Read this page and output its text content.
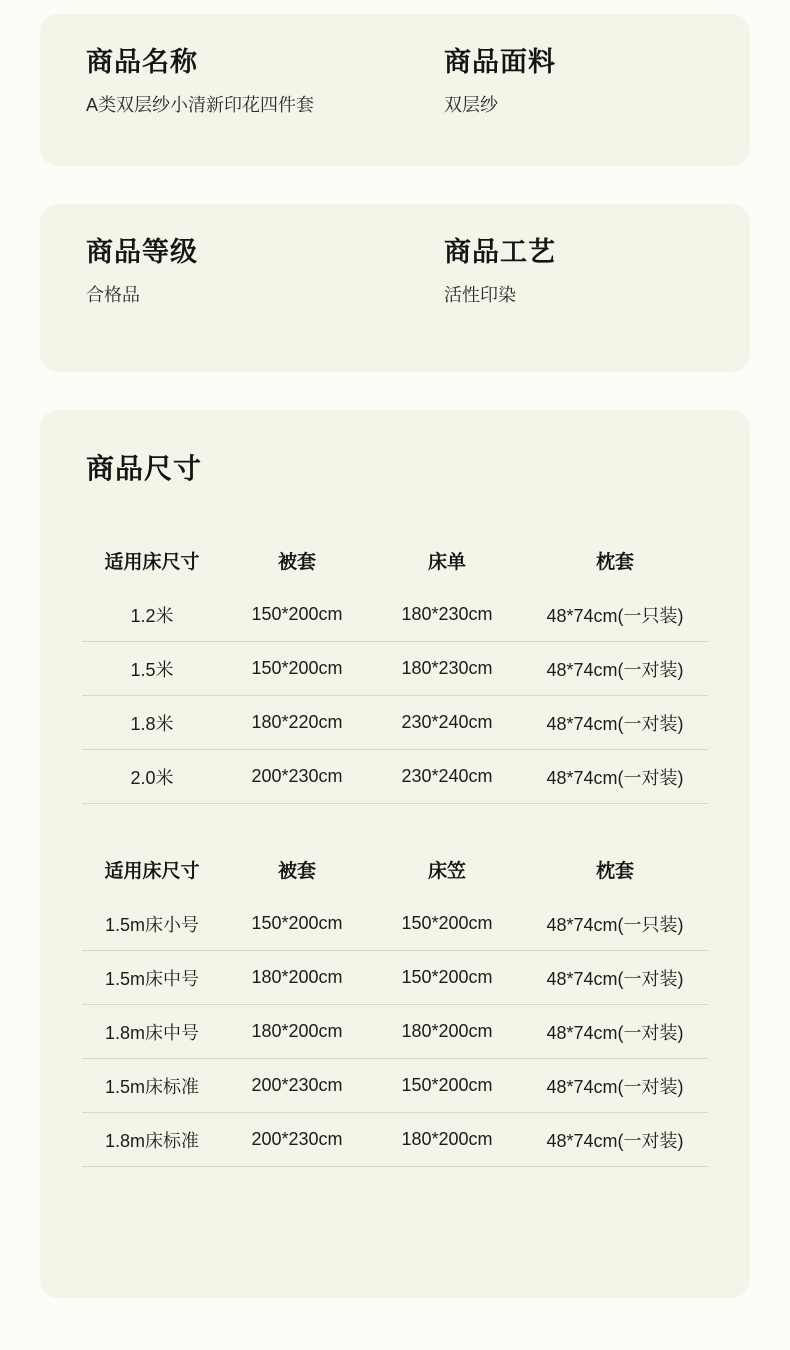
商品名称
A类双层纱小清新印花四件套
商品面料
双层纱
商品等级
合格品
商品工艺
活性印染
商品尺寸
适用床尺寸	被套	床单	枕套
1.2米	150*200cm	180*230cm	48*74cm(一只装)
1.5米	150*200cm	180*230cm	48*74cm(一对装)
1.8米	180*220cm	230*240cm	48*74cm(一对装)
2.0米	200*230cm	230*240cm	48*74cm(一对装)
适用床尺寸	被套	床笠	枕套
1.5m床小号	150*200cm	150*200cm	48*74cm(一只装)
1.5m床中号	180*200cm	150*200cm	48*74cm(一对装)
1.8m床中号	180*200cm	180*200cm	48*74cm(一对装)
1.5m床标准	200*230cm	150*200cm	48*74cm(一对装)
1.8m床标准	200*230cm	180*200cm	48*74cm(一对装)
